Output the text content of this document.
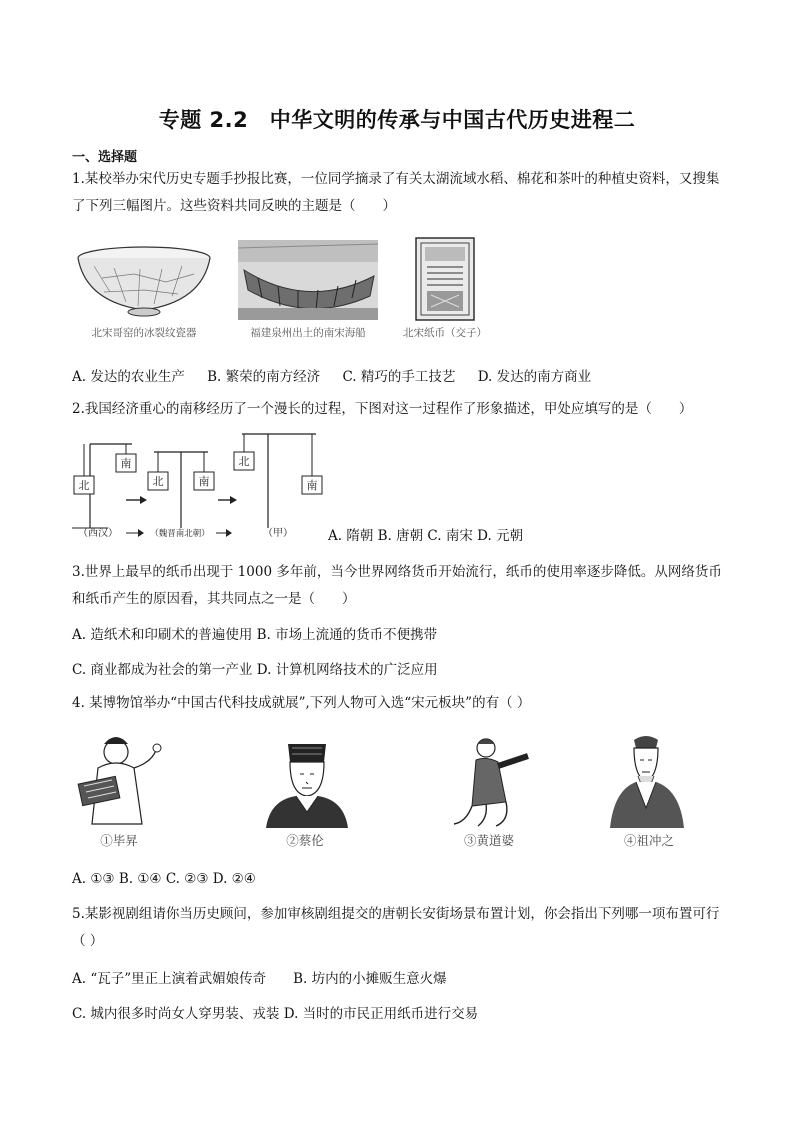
专题 2.2　中华文明的传承与中国古代历史进程二
一、选择题
1.某校举办宋代历史专题手抄报比赛，一位同学摘录了有关太湖流域水稻、棉花和茶叶的种植史资料，又搜集了下列三幅图片。这些资料共同反映的主题是（　　）
北宋哥窑的冰裂纹瓷器	福建泉州出土的南宋海船	北宋纸币（交子）
A. 发达的农业生产 B. 繁荣的南方经济 C. 精巧的手工技艺 D. 发达的南方商业
2.我国经济重心的南移经历了一个漫长的过程，下图对这一过程作了形象描述，甲处应填写的是（　　）
北
南
（西汉）
北	南
（魏晋南北朝）
北
南
（甲）	A. 隋朝 B. 唐朝 C. 南宋 D. 元朝
3.世界上最早的纸币出现于 1000 多年前，当今世界网络货币开始流行，纸币的使用率逐步降低。从网络货币和纸币产生的原因看，其共同点之一是（　　）
A. 造纸术和印刷术的普遍使用 B. 市场上流通的货币不便携带
C. 商业都成为社会的第一产业 D. 计算机网络技术的广泛应用
4. 某博物馆举办“中国古代科技成就展”,下列人物可入选“宋元板块”的有（ ）
①毕昇	②蔡伦	③黄道婆	④祖冲之
A. ①③ B. ①④ C. ②③ D. ②④
5.某影视剧组请你当历史顾问，参加审核剧组提交的唐朝长安街场景布置计划，你会指出下列哪一项布置可行（ ）
A. “瓦子”里正上演着武媚娘传奇　　B. 坊内的小摊贩生意火爆
C. 城内很多时尚女人穿男装、戎装 D. 当时的市民正用纸币进行交易
